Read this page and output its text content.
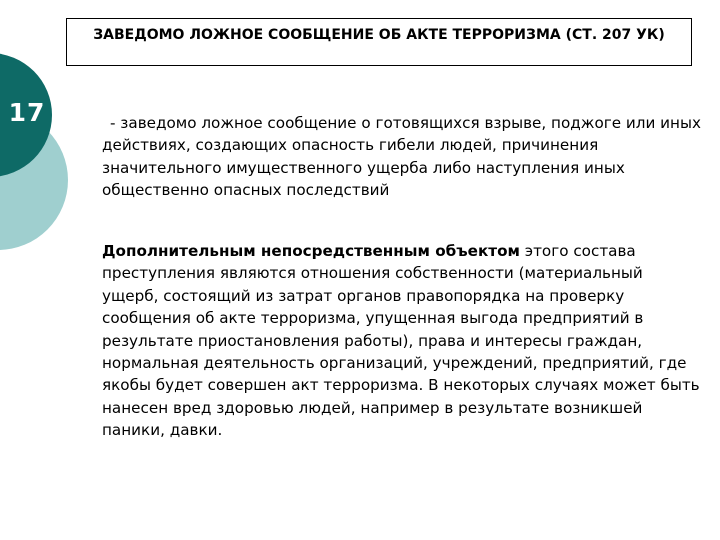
17
ЗАВЕДОМО ЛОЖНОЕ СООБЩЕНИЕ ОБ АКТЕ ТЕРРОРИЗМА (СТ. 207 УК)
- заведомо ложное сообщение о готовящихся взрыве, поджоге или иных действиях, создающих опасность гибели людей, причинения значительного имущественного ущерба либо наступления иных общественно опасных последствий
Дополнительным непосредственным объектом этого состава преступления являются отношения собственности (материальный ущерб, состоящий из затрат органов правопорядка на проверку сообщения об акте терроризма, упущенная выгода предприятий в результате приостановления работы), права и интересы граждан, нормальная деятельность организаций, учреждений, предприятий, где якобы будет совершен акт терроризма. В некоторых случаях может быть нанесен вред здоровью людей, например в результате возникшей паники, давки.
